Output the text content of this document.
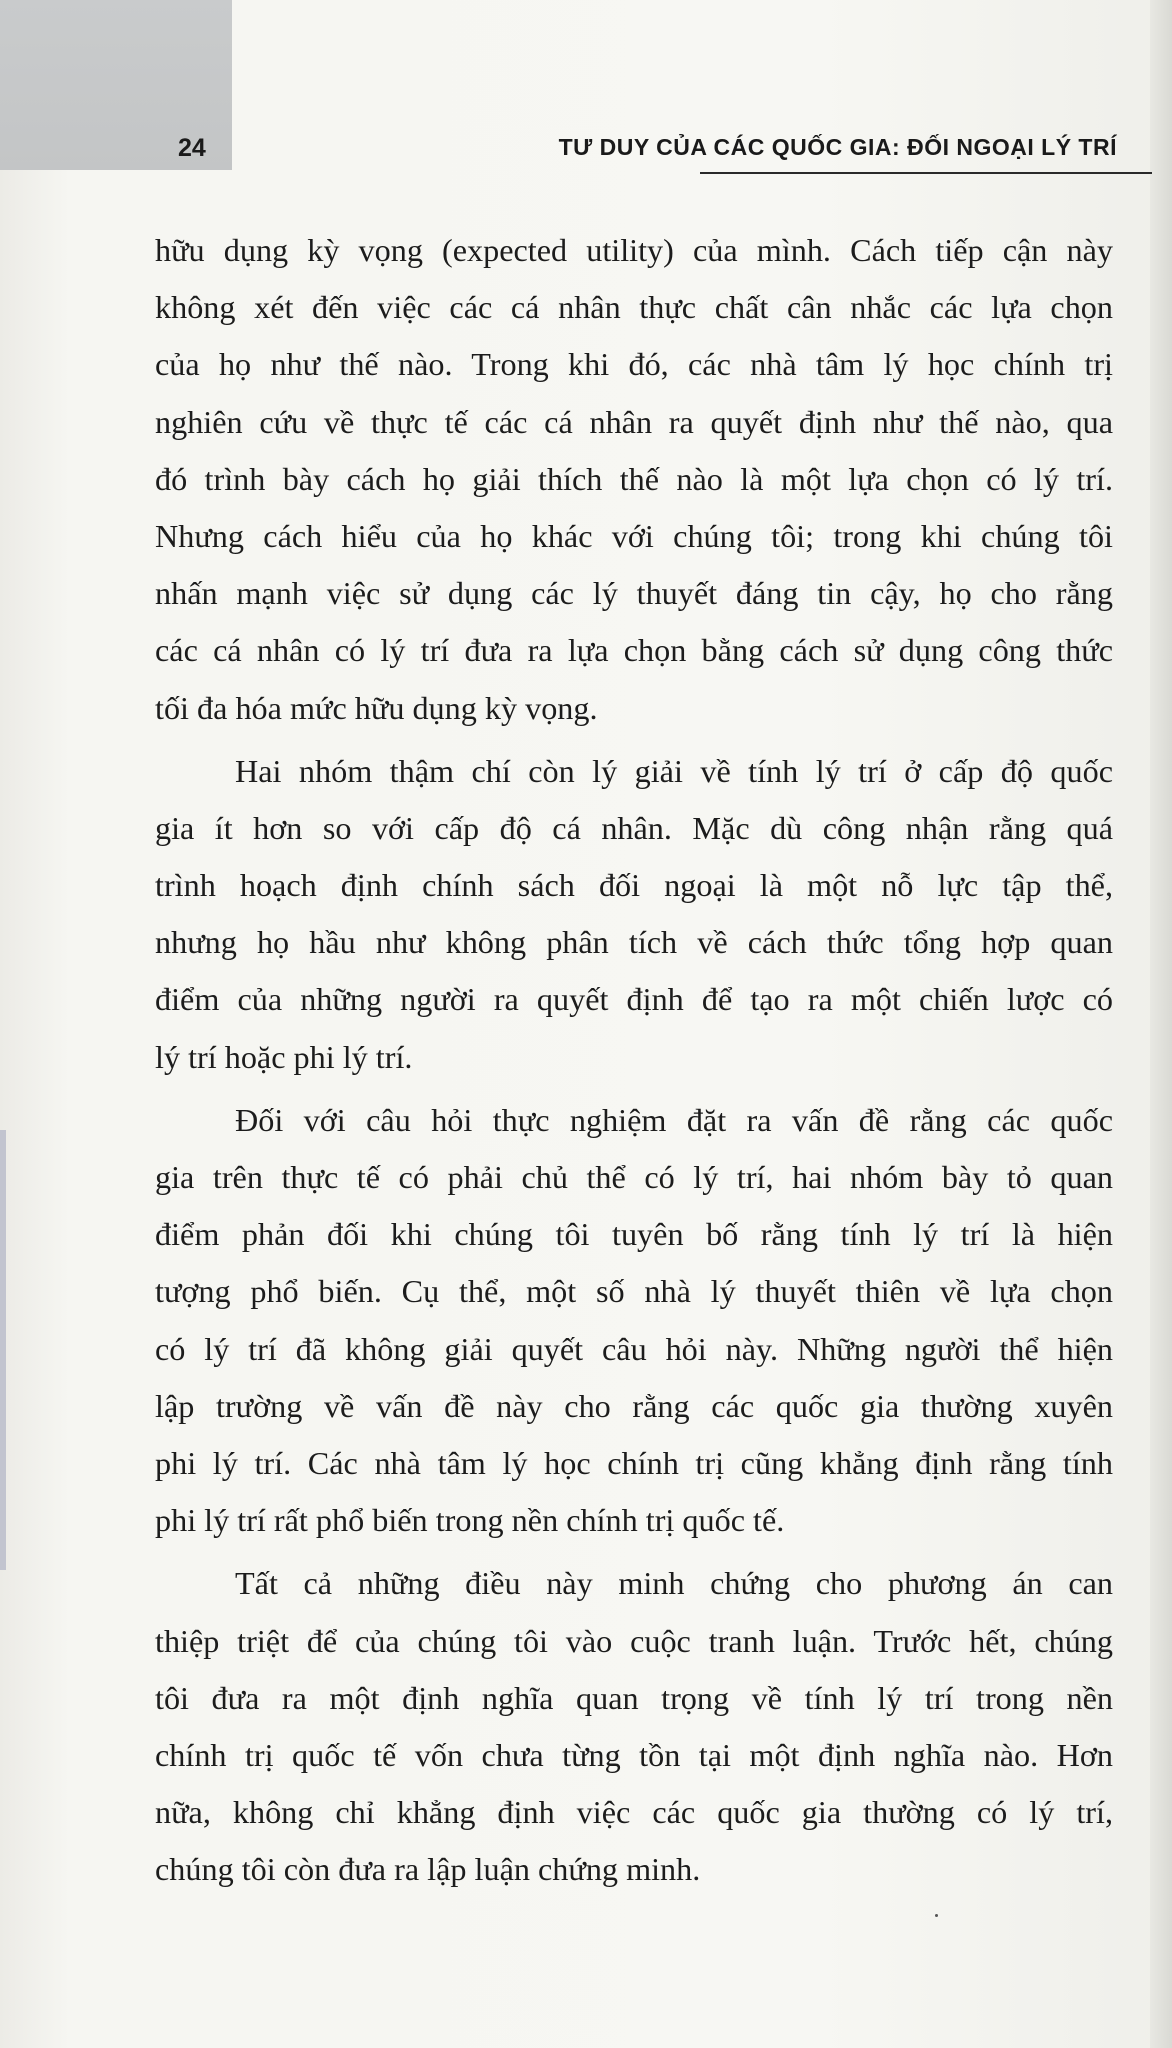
24	TƯ DUY CỦA CÁC QUỐC GIA: ĐỐI NGOẠI LÝ TRÍ
hữu dụng kỳ vọng (expected utility) của mình. Cách tiếp cận này
không xét đến việc các cá nhân thực chất cân nhắc các lựa chọn
của họ như thế nào. Trong khi đó, các nhà tâm lý học chính trị
nghiên cứu về thực tế các cá nhân ra quyết định như thế nào, qua
đó trình bày cách họ giải thích thế nào là một lựa chọn có lý trí.
Nhưng cách hiểu của họ khác với chúng tôi; trong khi chúng tôi
nhấn mạnh việc sử dụng các lý thuyết đáng tin cậy, họ cho rằng
các cá nhân có lý trí đưa ra lựa chọn bằng cách sử dụng công thức
tối đa hóa mức hữu dụng kỳ vọng.
Hai nhóm thậm chí còn lý giải về tính lý trí ở cấp độ quốc
gia ít hơn so với cấp độ cá nhân. Mặc dù công nhận rằng quá
trình hoạch định chính sách đối ngoại là một nỗ lực tập thể,
nhưng họ hầu như không phân tích về cách thức tổng hợp quan
điểm của những người ra quyết định để tạo ra một chiến lược có
lý trí hoặc phi lý trí.
Đối với câu hỏi thực nghiệm đặt ra vấn đề rằng các quốc
gia trên thực tế có phải chủ thể có lý trí, hai nhóm bày tỏ quan
điểm phản đối khi chúng tôi tuyên bố rằng tính lý trí là hiện
tượng phổ biến. Cụ thể, một số nhà lý thuyết thiên về lựa chọn
có lý trí đã không giải quyết câu hỏi này. Những người thể hiện
lập trường về vấn đề này cho rằng các quốc gia thường xuyên
phi lý trí. Các nhà tâm lý học chính trị cũng khẳng định rằng tính
phi lý trí rất phổ biến trong nền chính trị quốc tế.
Tất cả những điều này minh chứng cho phương án can
thiệp triệt để của chúng tôi vào cuộc tranh luận. Trước hết, chúng
tôi đưa ra một định nghĩa quan trọng về tính lý trí trong nền
chính trị quốc tế vốn chưa từng tồn tại một định nghĩa nào. Hơn
nữa, không chỉ khẳng định việc các quốc gia thường có lý trí,
chúng tôi còn đưa ra lập luận chứng minh.
